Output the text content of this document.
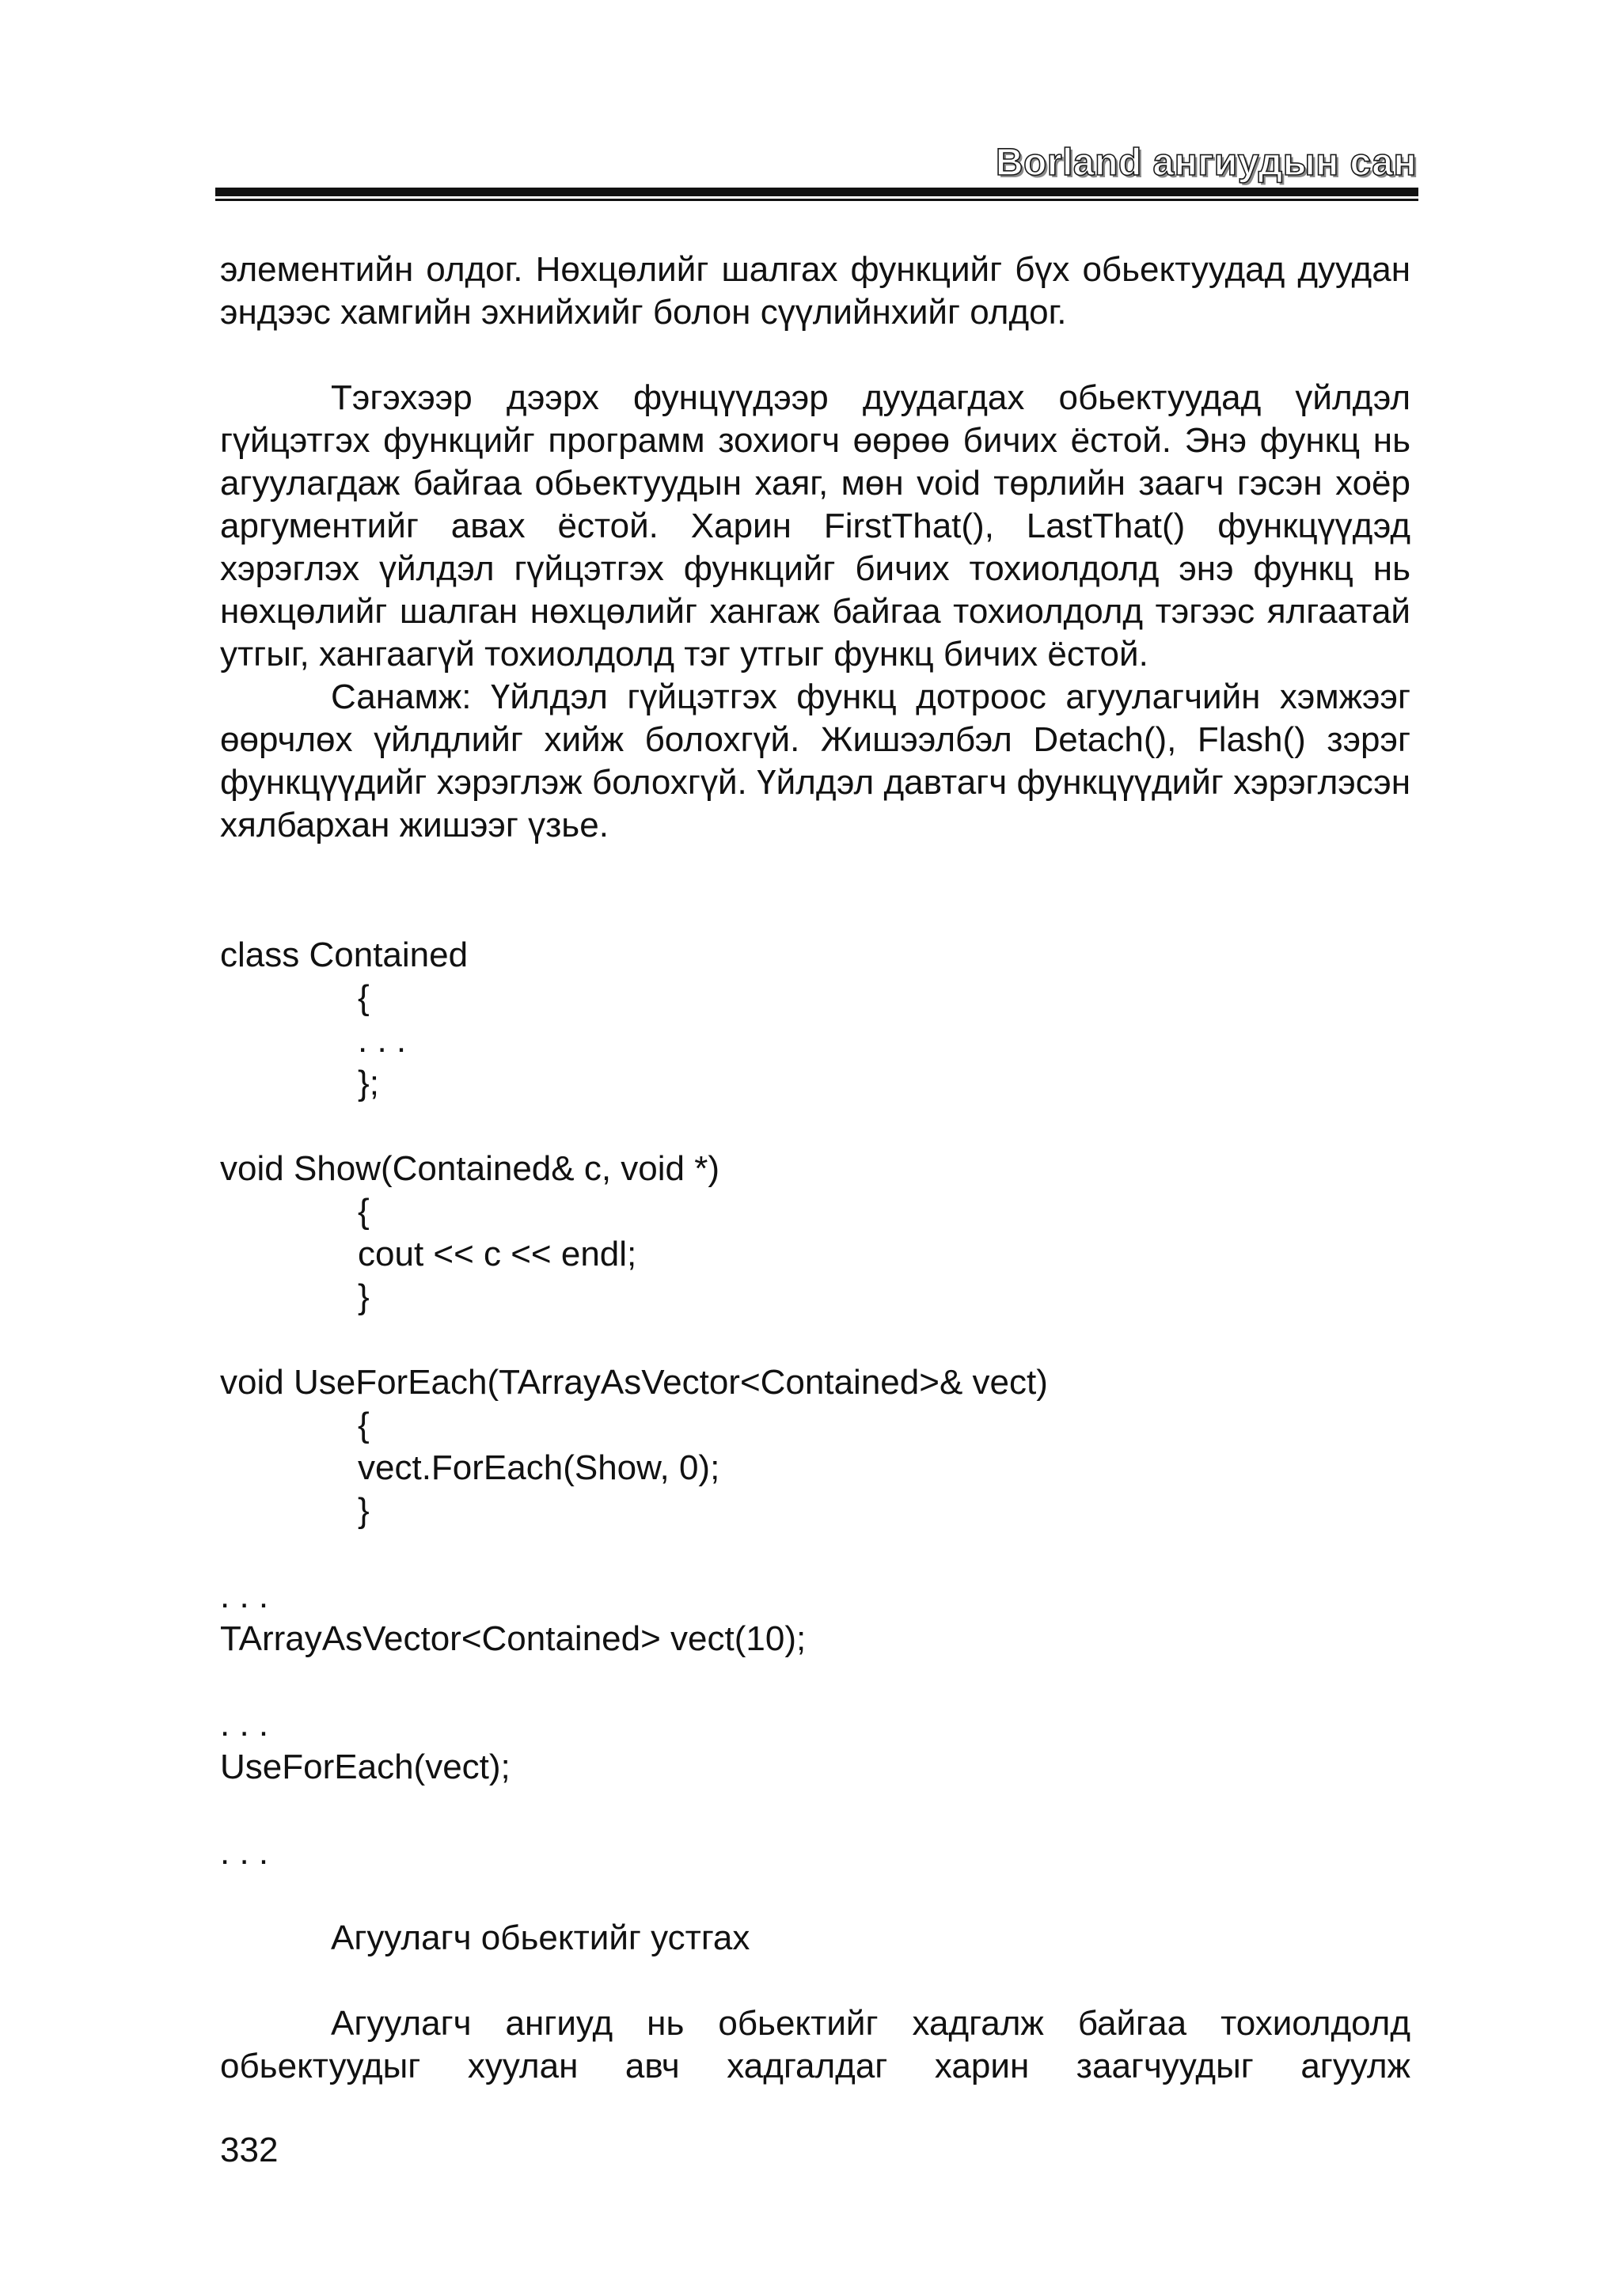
Borland ангиудын сан

элементийн олдог. Нөхцөлийг шалгах функцийг бүх обьектуудад дуудан эндээс хамгийн эхнийхийг болон сүүлийнхийг олдог.

Тэгэхээр дээрх фунцүүдээр дуудагдах обьектуудад үйлдэл гүйцэтгэх функцийг программ зохиогч өөрөө бичих ёстой. Энэ функц нь агуулагдаж байгаа обьектуудын хаяг, мөн void төрлийн заагч гэсэн хоёр аргументийг авах ёстой. Харин FirstThat(), LastThat() функцүүдэд хэрэглэх үйлдэл гүйцэтгэх функцийг бичих тохиолдолд энэ функц нь нөхцөлийг шалган нөхцөлийг хангаж байгаа тохиолдолд тэгээс ялгаатай утгыг, хангаагүй тохиолдолд тэг утгыг функц бичих ёстой.

Санамж: Үйлдэл гүйцэтгэх функц дотроос агуулагчийн хэмжээг өөрчлөх үйлдлийг хийж болохгүй. Жишээлбэл Detach(), Flash() зэрэг функцүүдийг хэрэглэж болохгүй. Үйлдэл давтагч функцүүдийг хэрэглэсэн хялбархан жишээг үзье.

class Contained
{
. . .
};
void Show(Contained& c, void *)
{
cout << c << endl;
}
void UseForEach(TArrayAsVector<Contained>& vect)
{
vect.ForEach(Show, 0);
}
. . .
TArrayAsVector<Contained> vect(10);
. . .
UseForEach(vect);
. . .
Агуулагч обьектийг устгах

Агуулагч ангиуд нь обьектийг хадгалж байгаа тохиолдолд обьектуудыг хуулан авч хадгалдаг харин заагчуудыг агуулж

332
